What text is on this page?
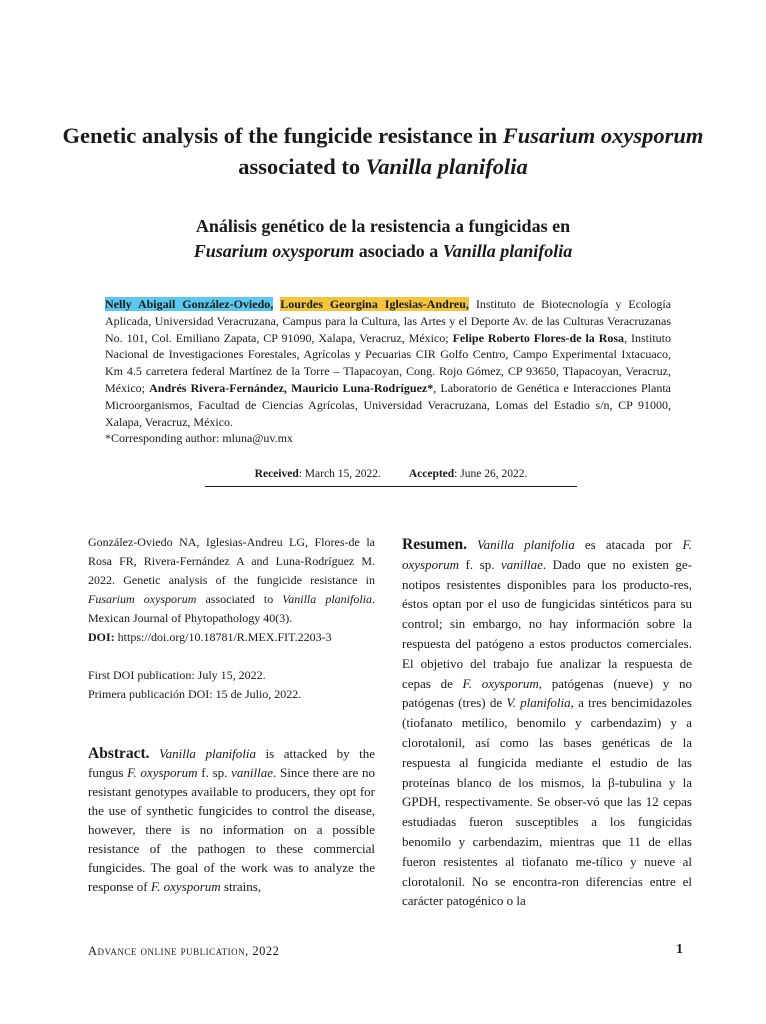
Genetic analysis of the fungicide resistance in Fusarium oxysporum associated to Vanilla planifolia
Análisis genético de la resistencia a fungicidas en
Fusarium oxysporum asociado a Vanilla planifolia
Nelly Abigail González-Oviedo, Lourdes Georgina Iglesias-Andreu, Instituto de Biotecnología y Ecología Aplicada, Universidad Veracruzana, Campus para la Cultura, las Artes y el Deporte Av. de las Culturas Veracruzanas No. 101, Col. Emiliano Zapata, CP 91090, Xalapa, Veracruz, México; Felipe Roberto Flores-de la Rosa, Instituto Nacional de Investigaciones Forestales, Agrícolas y Pecuarias CIR Golfo Centro, Campo Experimental Ixtacuaco, Km 4.5 carretera federal Martínez de la Torre – Tlapacoyan, Cong. Rojo Gómez, CP 93650, Tlapacoyan, Veracruz, México; Andrés Rivera-Fernández, Mauricio Luna-Rodríguez*, Laboratorio de Genética e Interacciones Planta Microorganismos, Facultad de Ciencias Agrícolas, Universidad Veracruzana, Lomas del Estadio s/n, CP 91000, Xalapa, Veracruz, México.
*Corresponding author: mluna@uv.mx
Received: March 15, 2022. Accepted: June 26, 2022.

González-Oviedo NA, Iglesias-Andreu LG, Flores-de la Rosa FR, Rivera-Fernández A and Luna-Rodríguez M. 2022. Genetic analysis of the fungicide resistance in Fusarium oxysporum associated to Vanilla planifolia. Mexican Journal of Phytopathology 40(3).
DOI: https://doi.org/10.18781/R.MEX.FIT.2203-3

First DOI publication: July 15, 2022.
Primera publicación DOI: 15 de Julio, 2022.

Abstract. Vanilla planifolia is attacked by the fungus F. oxysporum f. sp. vanillae. Since there are no resistant genotypes available to producers, they opt for the use of synthetic fungicides to control the disease, however, there is no information on a possible resistance of the pathogen to these commercial fungicides. The goal of the work was to analyze the response of F. oxysporum strains,
Resumen. Vanilla planifolia es atacada por F. oxysporum f. sp. vanillae. Dado que no existen ge-notipos resistentes disponibles para los producto-res, éstos optan por el uso de fungicidas sintéticos para su control; sin embargo, no hay información sobre la respuesta del patógeno a estos productos comerciales. El objetivo del trabajo fue analizar la respuesta de cepas de F. oxysporum, patógenas (nueve) y no patógenas (tres) de V. planifolia, a tres bencimidazoles (tiofanato metílico, benomilo y carbendazim) y a clorotalonil, así como las bases genéticas de la respuesta al fungicida mediante el estudio de las proteínas blanco de los mismos, la β-tubulina y la GPDH, respectivamente. Se obser-vó que las 12 cepas estudiadas fueron susceptibles a los fungicidas benomilo y carbendazim, mientras que 11 de ellas fueron resistentes al tiofanato me-tílico y nueve al clorotalonil. No se encontra-ron diferencias entre el carácter patogénico o la
Advance online publication, 2022	1
